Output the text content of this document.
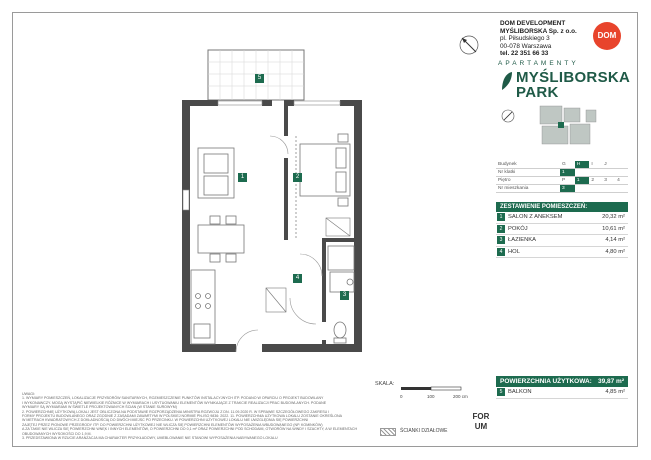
5
1	2
4
3
DOM DEVELOPMENT
MYŚLIBORSKA Sp. z o.o.
pl. Piłsudskiego 3
00-078 Warszawa
tel. 22 351 66 33
DOM
APARTAMENTY
MYŚLIBORSKA
PARK
Budynek	G	H	I	J	
Nr klatki	1				
Piętro	P	1	2	3	4
Nr mieszkania	3				
ZESTAWIENIE POMIESZCZEŃ:
1 SALON Z ANEKSEM	20,32 m²
2 POKÓJ	10,61 m²
3 ŁAZIENKA	4,14 m²
4 HOL	4,80 m²
POWIERZCHNIA UŻYTKOWA: 39,87 m²
5 BALKON	4,85 m²
SKALA:
0	100	200 cm
ŚCIANKI DZIAŁOWE
UWAGI:
1. WYMIARY POMIESZCZEŃ, LOKALIZACJE PRZYBORÓW SANITARNYCH, ROZMIESZCZENIE PUNKTÓW INSTALACYJNYCH ITP. PODANO W OPARCIU O PROJEKT BUDOWLANY
I WYKONAWCZY. MOGĄ WYSTĄPIĆ NIEWIELKIE RÓŻNICE W WYMIARACH I USYTUOWANIU ELEMENTÓW WYNIKAJĄCE Z TRAKCIE REALIZACJI PRAC BUDOWLANYCH. PODANE
WYMIARY SĄ WYMIARAMI W ŚWIETLE PROJEKTOWANYCH ŚCIAN (W STANIE SUROWYM)
2. POWIERZCHNIĘ UŻYTKOWĄ LOKALI JEST OBLICZONA NA PODSTAWIE ROZPORZĄDZENIA MINISTRA ROZWOJU Z DN. 11.09.2020 R. W SPRAWIE SZCZEGÓŁOWEGO ZAKRESU I
FORMY PROJEKTU BUDOWLANEGO ORAZ ZGODNIE Z ZASADAMI ZAWARTYMI W POLSKIEJ NORMIE PN-ISO 9836: 2022. 11. POWIERZCHNIA UŻYTKOWA LOKALU ZOSTANIE OKREŚLONA
W METRACH KWADRATOWYCH Z DOKŁADNOŚCIĄ DO DWÓCH MIEJSC PO PRZECINKU. W POWIERZCHNI UŻYTKOWEJ LOKALU NIE UWZGLĘDNIA SIĘ POWIERZCHNI
ZAJĘTEJ PRZEZ PIONOWE PRZEGRODY ITP. DO POWIERZCHNI UŻYTKOWEJ NIE WLICZA SIĘ POWIERZCHNI ELEMENTÓW WYPOSAŻENIA WBUDOWANEGO (NP. KOMINKÓW)
A ZA TAKIE NIE WLICZA SIĘ POWIERZCHNI WNĘK I INNYCH ELEMENTÓW, O POWIERZCHNI DO 0,1 m² ORAZ POWIERZCHNI POD SCHODAMI, OTWORÓW NA WINDY I SZACHTY, A W ELEMENTACH
OBUDOWANYCH WYSOKOŚCI DO 1,9 M.
3. PRZEDSTAWIONA W RZUCIE ARANŻACJA MA CHARAKTER PRZYKŁADOWY, UMEBLOWANIE NIE STANOWI WYPOSAŻENIA NABYWANEGO LOKALU
FORUM
